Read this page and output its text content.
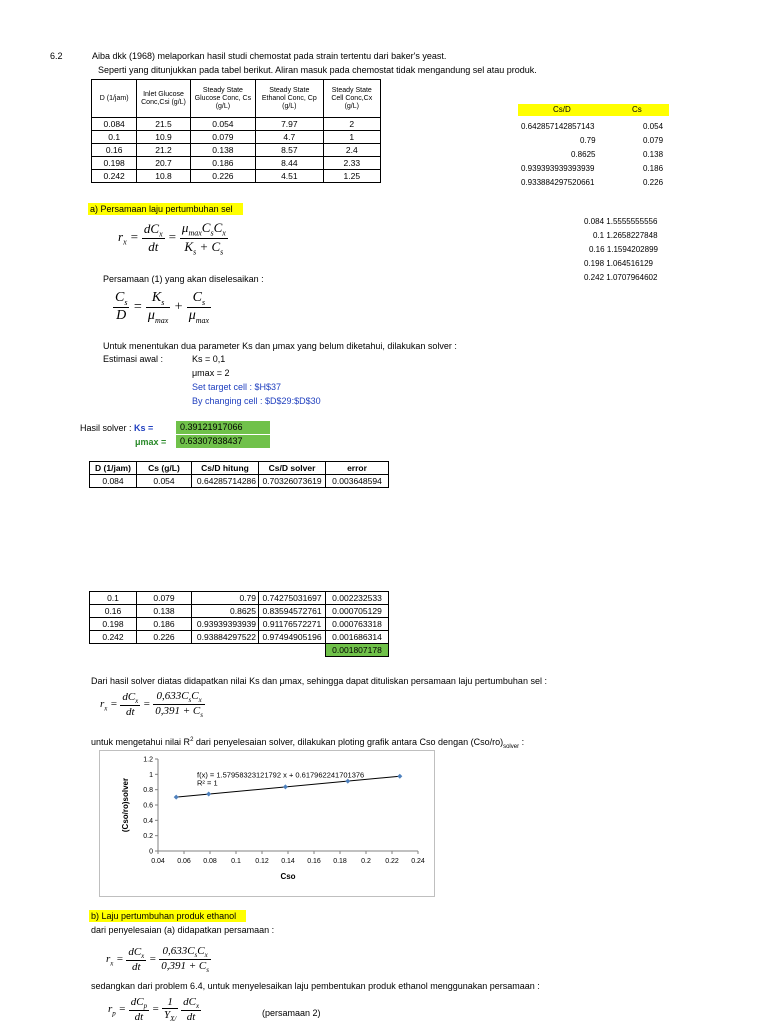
6.2	Aiba dkk (1968) melaporkan hasil studi chemostat pada strain tertentu dari baker's yeast.
Seperti yang ditunjukkan pada tabel berikut. Aliran masuk pada chemostat tidak mengandung sel atau produk.
D (1/jam)	Inlet Glucose Conc,Csi (g/L)	Steady State Glucose Conc, Cs (g/L)	Steady State Ethanol Conc, Cp (g/L)	Steady State Cell Conc,Cx (g/L)
0.084	21.5	0.054	7.97	2
0.1	10.9	0.079	4.7	1
0.16	21.2	0.138	8.57	2.4
0.198	20.7	0.186	8.44	2.33
0.242	10.8	0.226	4.51	1.25
Cs/D	Cs
0.642857142857143	0.054
0.79	0.079
0.8625	0.138
0.939393939393939	0.186
0.933884297520661	0.226
0.084 1.5555555556
0.1 1.2658227848
0.16 1.1594202899
0.198 1.064516129
0.242 1.0707964602
a) Persamaan laju pertumbuhan sel
$r_x = \frac{dC_x}{dt} = \frac{\mu_{max}C_sC_x}{K_s + C_s}$
Persamaan (1) yang akan diselesaikan :
$\frac{C_s}{D} = \frac{K_s}{\mu_{max}} + \frac{C_s}{\mu_{max}}$
Untuk menentukan dua parameter Ks dan μmax yang belum diketahui, dilakukan solver :
Estimasi awal :	Ks = 0,1
μmax = 2
Set target cell : $H$37
By changing cell : $D$29:$D$30
Hasil solver : Ks =	0.39121917066
μmax =	0.63307838437
D (1/jam)	Cs (g/L)	Cs/D hitung	Cs/D solver	error
0.084	0.054	0.64285714286	0.70326073619	0.003648594
0.1	0.079	0.79	0.74275031697	0.002232533
0.16	0.138	0.8625	0.83594572761	0.000705129
0.198	0.186	0.93939393939	0.91176572271	0.000763318
0.242	0.226	0.93884297522	0.97494905196	0.001686314
				0.001807178
Dari hasil solver diatas didapatkan nilai Ks dan μmax, sehingga dapat dituliskan persamaan laju pertumbuhan sel :
$r_x = \frac{dC_x}{dt} = \frac{0,633C_sC_x}{0,391 + C_s}$
untuk mengetahui nilai $R^2$ dari penyelesaian solver, dilakukan ploting grafik antara Cso dengan $(Cso/ro)_{solver}$ :
0.04 0.06 0.08 0.1 0.12 0.14 0.16 0.18 0.2 0.22 0.24
0
0.2
0.4
0.6
0.8
1
1.2
f(x) = 1.57958323121792 x + 0.617962241701376
R² = 1
Cso
(Cso/ro)solver
b) Laju pertumbuhan produk ethanol
dari penyelesaian (a) didapatkan persamaan :
$r_x = \frac{dC_x}{dt} = \frac{0,633C_sC_x}{0,391 + C_s}$
sedangkan dari problem 6.4, untuk menyelesaikan laju pembentukan produk ethanol menggunakan persamaan :
$r_p = \frac{dC_p}{dt} = \frac{1}{Y_{X/}}$
$\frac{dC_x}{dt}$	(persamaan 2)
